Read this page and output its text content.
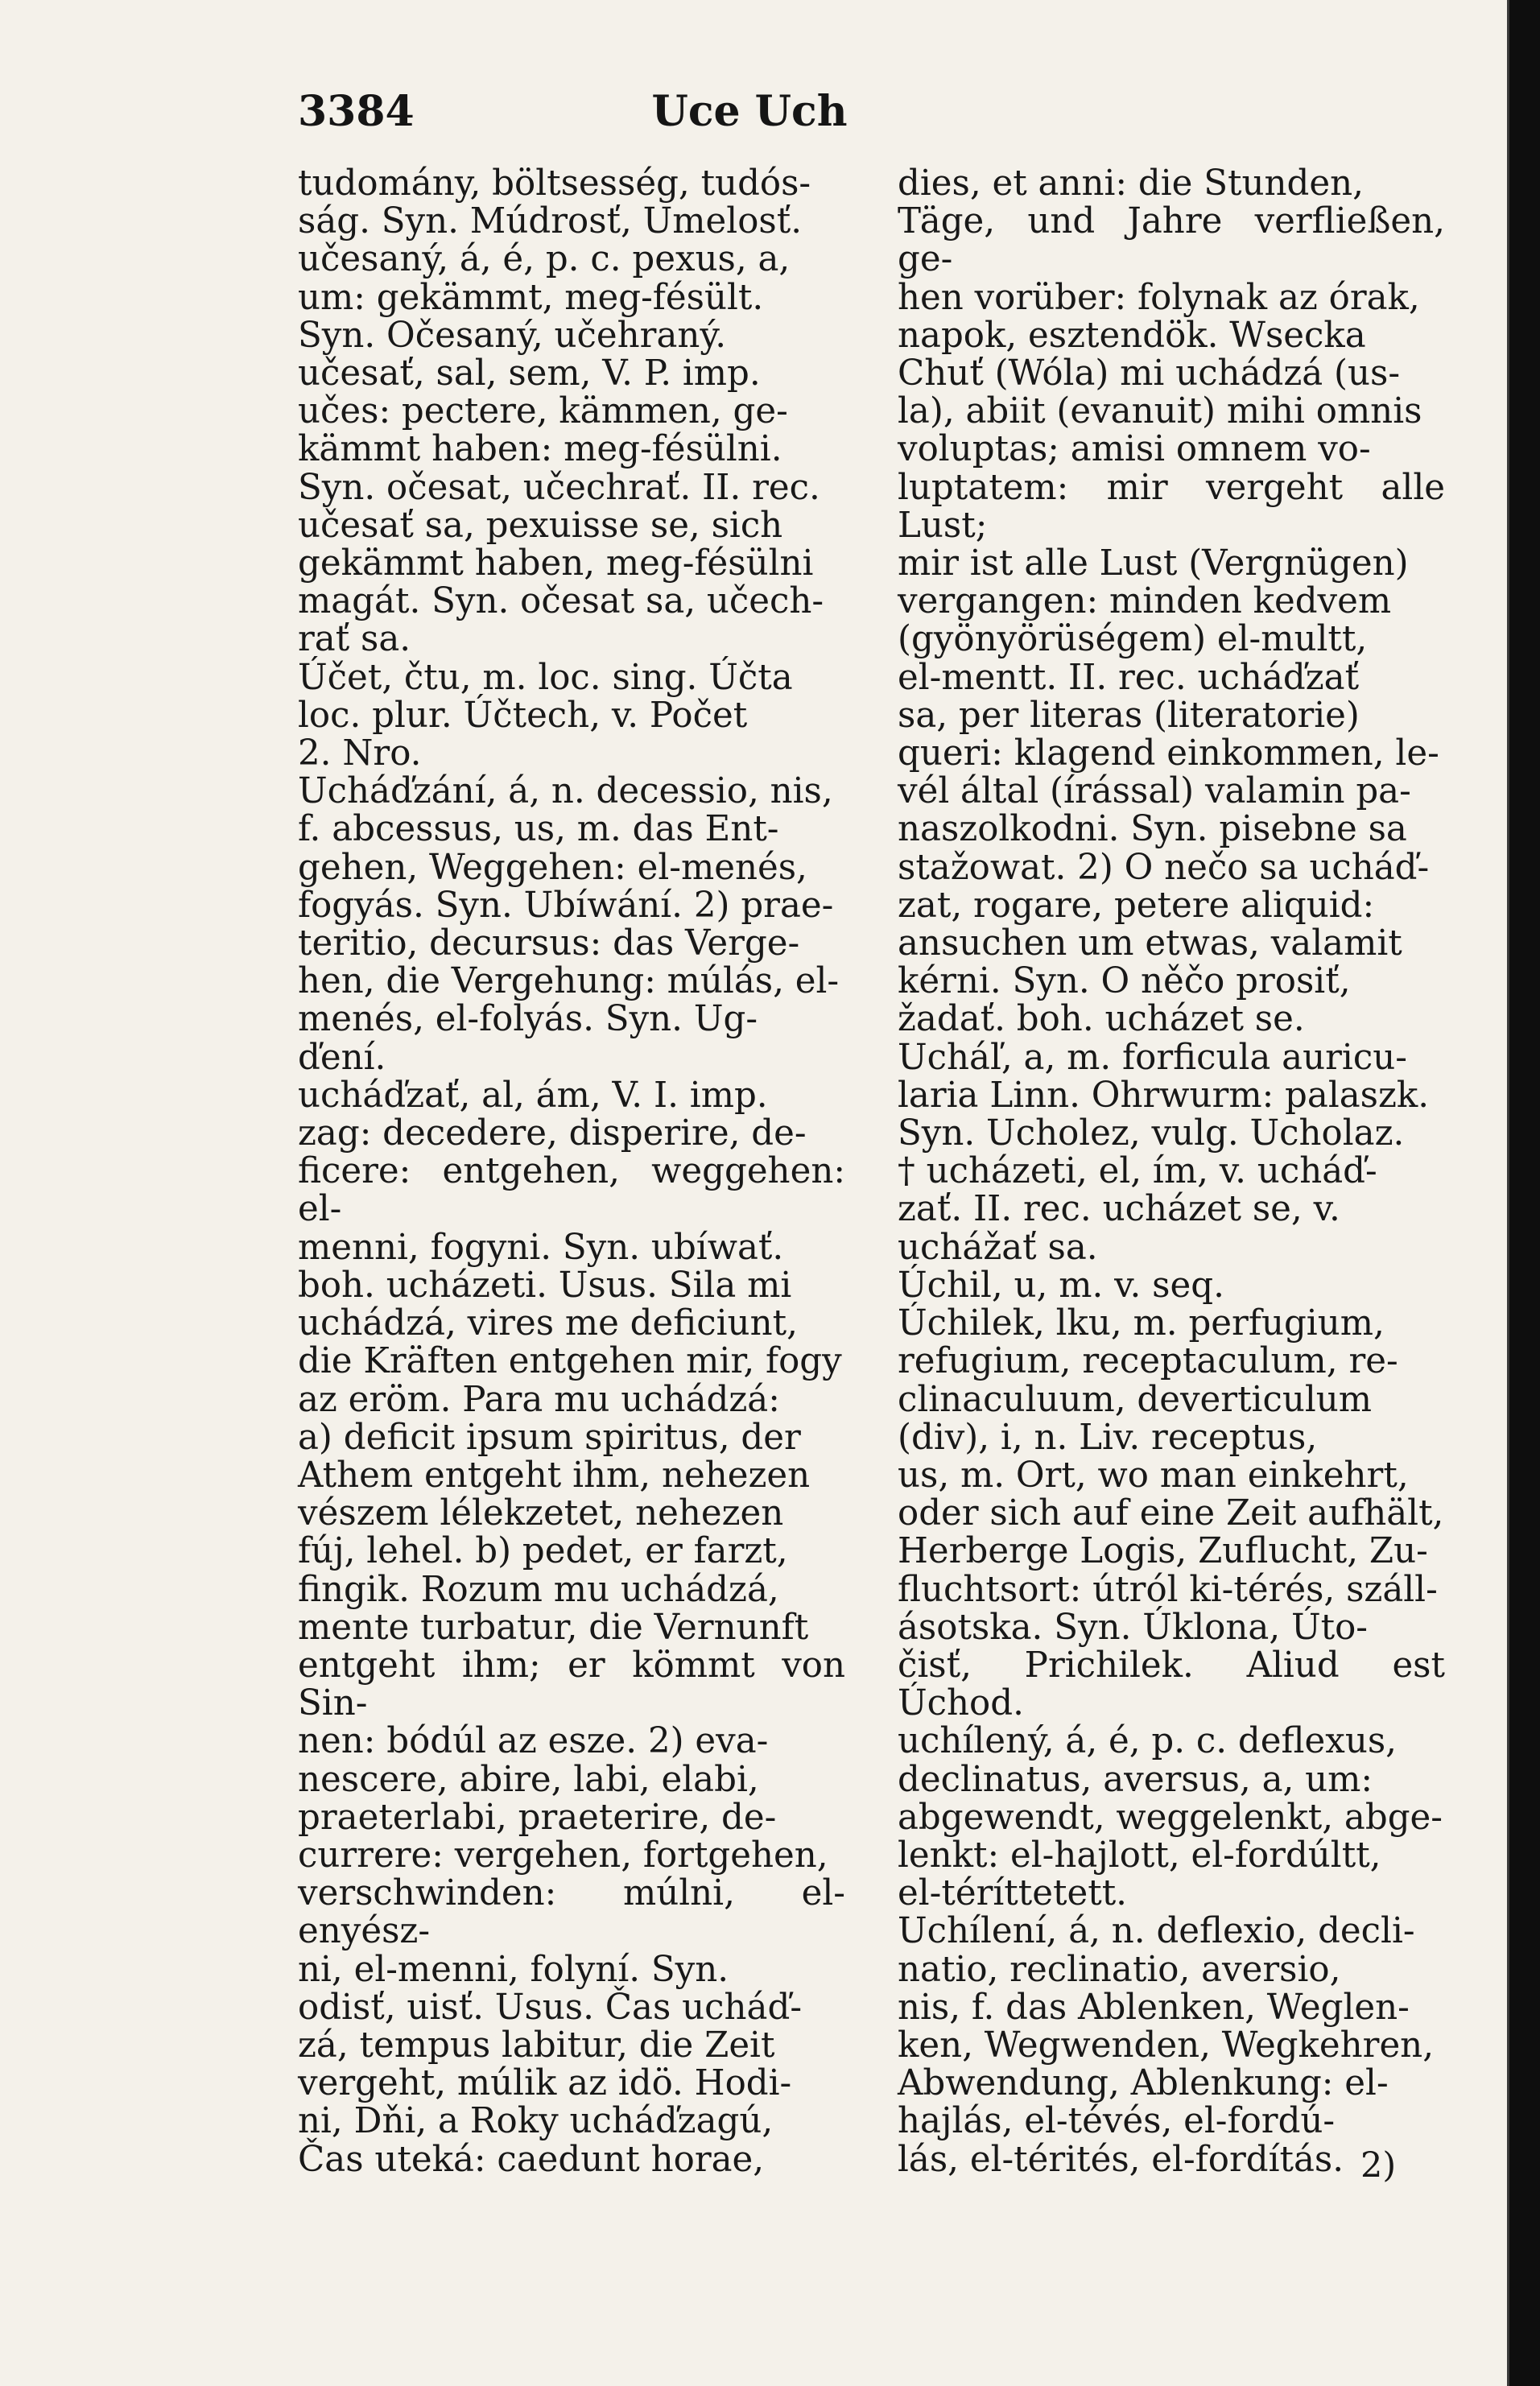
3384	Uce Uch

tudomány, böltsesség, tudós-

ság. Syn. Múdrosť, Umelosť.

učesaný, á, é, p. c. pexus, a,

um: gekämmt, meg-fésült.

Syn. Očesaný, učehraný.

učesať, sal, sem, V. P. imp.

učes: pectere, kämmen, ge-

kämmt haben: meg-fésülni.

Syn. očesat, učechrať. II. rec.

učesať sa, pexuisse se, sich

gekämmt haben, meg-fésülni

magát. Syn. očesat sa, učech-

rať sa.

Účet, čtu, m. loc. sing. Účta

loc. plur. Účtech, v. Počet

2. Nro.

Ucháďzání, á, n. decessio, nis,

f. abcessus, us, m. das Ent-

gehen, Weggehen: el-menés,

fogyás. Syn. Ubíwání. 2) prae-

teritio, decursus: das Verge-

hen, die Vergehung: múlás, el-

menés, el-folyás. Syn. Ug-

ďení.

ucháďzať, al, ám, V. I. imp.

zag: decedere, disperire, de-

ficere: entgehen, weggehen: el-

menni, fogyni. Syn. ubíwať.

boh. ucházeti. Usus. Sila mi

uchádzá, vires me deficiunt,

die Kräften entgehen mir, fogy

az eröm. Para mu uchádzá:

a) deficit ipsum spiritus, der

Athem entgeht ihm, nehezen

vészem lélekzetet, nehezen

fúj, lehel. b) pedet, er farzt,

fingik. Rozum mu uchádzá,

mente turbatur, die Vernunft

entgeht ihm; er kömmt von Sin-

nen: bódúl az esze. 2) eva-

nescere, abire, labi, elabi,

praeterlabi, praeterire, de-

currere: vergehen, fortgehen,

verschwinden: múlni, el-enyész-

ni, el-menni, folyní. Syn.

odisť, uisť. Usus. Čas ucháď-

zá, tempus labitur, die Zeit

vergeht, múlik az idö. Hodi-

ni, Dňi, a Roky ucháďzagú,

Čas uteká: caedunt horae,

dies, et anni: die Stunden,

Täge, und Jahre verfließen, ge-

hen vorüber: folynak az órak,

napok, esztendök. Wsecka

Chuť (Wóla) mi uchádzá (us-

la), abiit (evanuit) mihi omnis

voluptas; amisi omnem vo-

luptatem: mir vergeht alle Lust;

mir ist alle Lust (Vergnügen)

vergangen: minden kedvem

(gyönyörüségem) el-multt,

el-mentt. II. rec. ucháďzať

sa, per literas (literatorie)

queri: klagend einkommen, le-

vél által (írással) valamin pa-

naszolkodni. Syn. pisebne sa

stažowat. 2) O nečo sa ucháď-

zat, rogare, petere aliquid:

ansuchen um etwas, valamit

kérni. Syn. O něčo prosiť,

žadať. boh. ucházet se.

Ucháľ, a, m. forficula auricu-

laria Linn. Ohrwurm: palaszk.

Syn. Ucholez, vulg. Ucholaz.

† ucházeti, el, ím, v. ucháď-

zať. II. rec. ucházet se, v.

uchážať sa.

Úchil, u, m. v. seq.

Úchilek, lku, m. perfugium,

refugium, receptaculum, re-

clinaculuum, deverticulum

(div), i, n. Liv. receptus,

us, m. Ort, wo man einkehrt,

oder sich auf eine Zeit aufhält,

Herberge Logis, Zuflucht, Zu-

fluchtsort: útról ki-térés, száll-

ásotska. Syn. Úklona, Úto-

čisť, Prichilek. Aliud est Úchod.

uchílený, á, é, p. c. deflexus,

declinatus, aversus, a, um:

abgewendt, weggelenkt, abge-

lenkt: el-hajlott, el-fordúltt,

el-téríttetett.

Uchílení, á, n. deflexio, decli-

natio, reclinatio, aversio,

nis, f. das Ablenken, Weglen-

ken, Wegwenden, Wegkehren,

Abwendung, Ablenkung: el-

hajlás, el-tévés, el-fordú-

lás, el-térités, el-fordítás. 2)
